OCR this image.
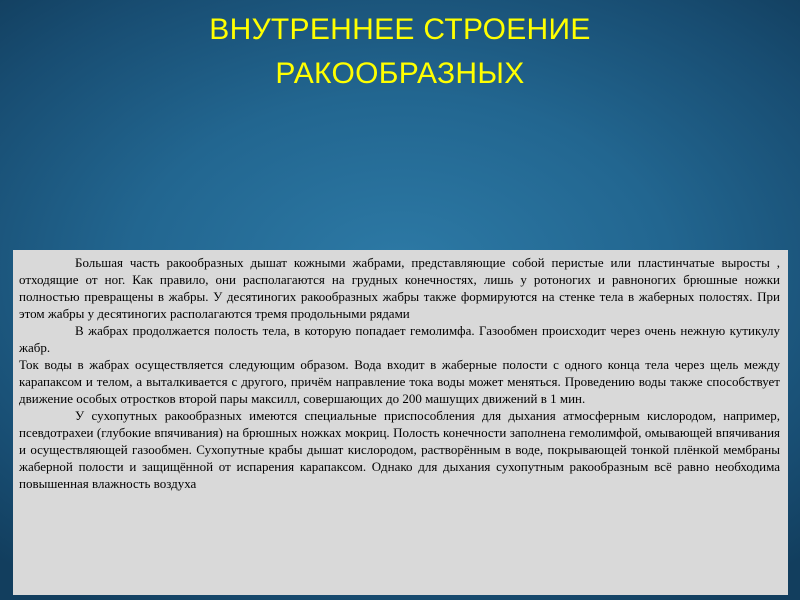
ВНУТРЕННЕЕ СТРОЕНИЕ
РАКООБРАЗНЫХ

Большая часть ракообразных дышат кожными жабрами, представляющие собой перистые или пластинчатые выросты , отходящие от ног. Как правило, они располагаются на грудных конечностях, лишь у ротоногих и равноногих брюшные ножки полностью превращены в жабры. У десятиногих ракообразных жабры также формируются на стенке тела в жаберных полостях. При этом жабры у десятиногих располагаются тремя продольными рядами

В жабрах продолжается полость тела, в которую попадает гемолимфа. Газообмен происходит через очень нежную кутикулу жабр.

Ток воды в жабрах осуществляется следующим образом. Вода входит в жаберные полости с одного конца тела через щель между карапаксом и телом, а выталкивается с другого, причём направление тока воды может меняться. Проведению воды также способствует движение особых отростков второй пары максилл, совершающих до 200 машущих движений в 1 мин.

У сухопутных ракообразных имеются специальные приспособления для дыхания атмосферным кислородом, например, псевдотрахеи (глубокие впячивания) на брюшных ножках мокриц. Полость конечности заполнена гемолимфой, омывающей впячивания и осуществляющей газообмен. Сухопутные крабы дышат кислородом, растворённым в воде, покрывающей тонкой плёнкой мембраны жаберной полости и защищённой от испарения карапаксом. Однако для дыхания сухопутным ракообразным всё равно необходима повышенная влажность воздуха
